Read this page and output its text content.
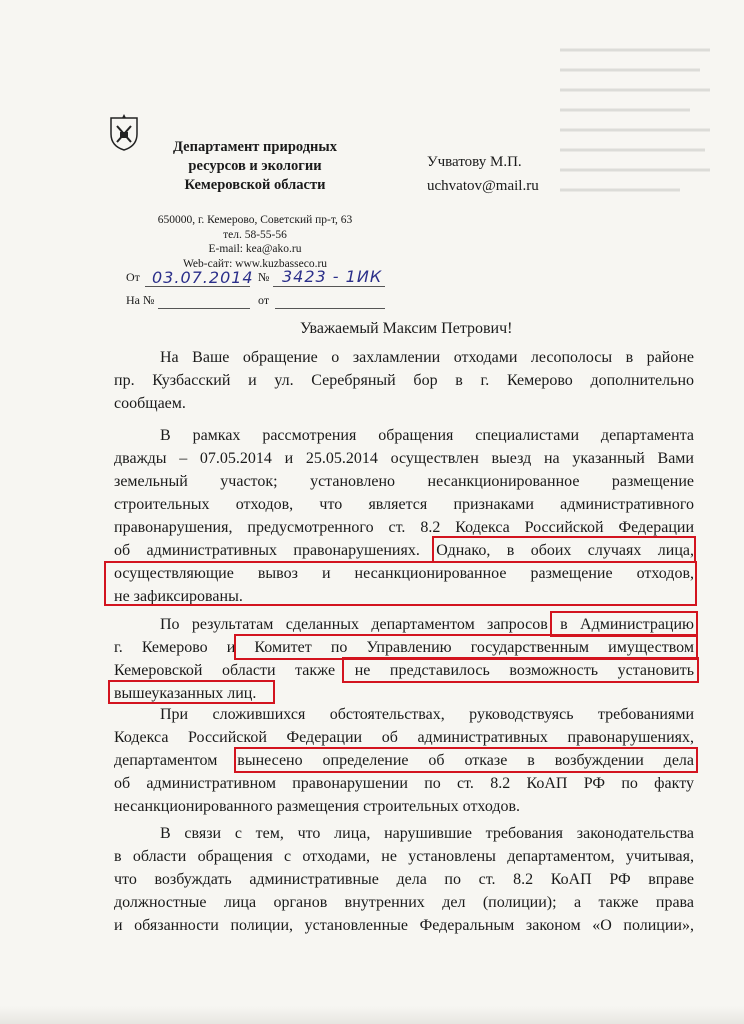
Департамент природных
ресурсов и экологии
Кемеровской области
650000, г. Кемерово, Советский пр-т, 63
тел. 58-55-56
E-mail: kea@ako.ru
Web-сайт: www.kuzbasseco.ru
Учватову М.П.
uchvatov@mail.ru
От 03.07.2014 № 3423 - 1ИК
На №	от
Уважаемый Максим Петрович!
На Ваше обращение о захламлении отходами лесополосы в районе
пр. Кузбасский и ул. Серебряный бор в г. Кемерово дополнительно
сообщаем.
В рамках рассмотрения обращения специалистами департамента
дважды – 07.05.2014 и 25.05.2014 осуществлен выезд на указанный Вами
земельный участок; установлено несанкционированное размещение
строительных отходов, что является признаками административного
правонарушения, предусмотренного ст. 8.2 Кодекса Российской Федерации
об административных правонарушениях. Однако, в обоих случаях лица,
осуществляющие вывоз и несанкционированное размещение отходов,
не зафиксированы.
По результатам сделанных департаментом запросов в Администрацию
г. Кемерово и Комитет по Управлению государственным имуществом
Кемеровской области также не представилось возможность установить
вышеуказанных лиц.
При сложившихся обстоятельствах, руководствуясь требованиями
Кодекса Российской Федерации об административных правонарушениях,
департаментом вынесено определение об отказе в возбуждении дела
об административном правонарушении по ст. 8.2 КоАП РФ по факту
несанкционированного размещения строительных отходов.
В связи с тем, что лица, нарушившие требования законодательства
в области обращения с отходами, не установлены департаментом, учитывая,
что возбуждать административные дела по ст. 8.2 КоАП РФ вправе
должностные лица органов внутренних дел (полиции); а также права
и обязанности полиции, установленные Федеральным законом «О полиции»,
